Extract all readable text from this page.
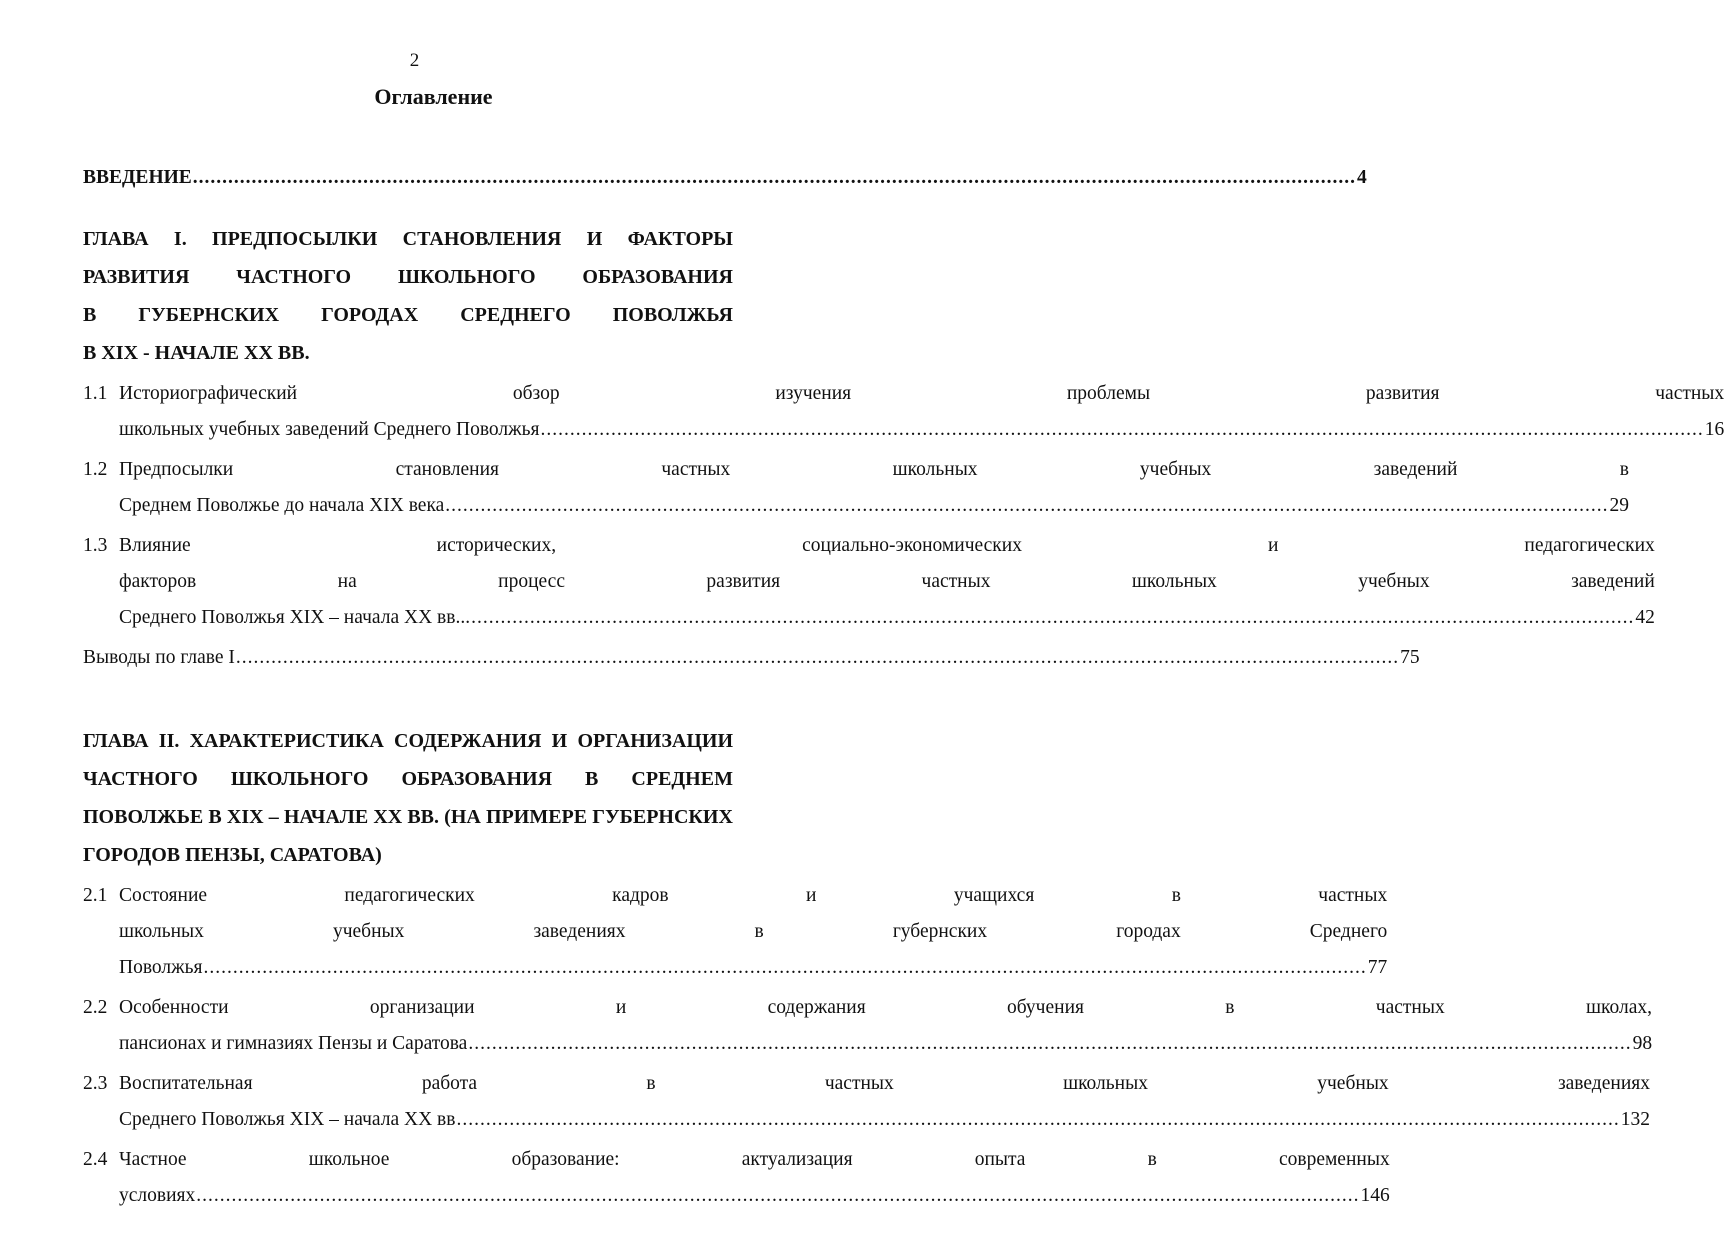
2
Оглавление
ВВЕДЕНИЕ .....	4
ГЛАВА I. ПРЕДПОСЫЛКИ СТАНОВЛЕНИЯ И ФАКТОРЫ
РАЗВИТИЯ ЧАСТНОГО ШКОЛЬНОГО ОБРАЗОВАНИЯ
В ГУБЕРНСКИХ ГОРОДАХ СРЕДНЕГО ПОВОЛЖЬЯ
В XIX - НАЧАЛЕ XX ВВ.
1.1 Историографический	обзор	изучения	проблемы	развития	частных
школьных учебных заведений Среднего Поволжья .....	16
1.2 Предпосылки	становления	частных	школьных	учебных	заведений	в
Среднем Поволжье до начала XIX века .....	29
1.3 Влияние	исторических,	социально-экономических	и	педагогических
факторов	на	процесс	развития	частных	школьных	учебных	заведений
Среднего Поволжья XIX – начала XX вв... .....	42
Выводы по главе I .....	75
ГЛАВА II. ХАРАКТЕРИСТИКА СОДЕРЖАНИЯ И ОРГАНИЗАЦИИ
ЧАСТНОГО ШКОЛЬНОГО ОБРАЗОВАНИЯ В СРЕДНЕМ
ПОВОЛЖЬЕ В XIX – НАЧАЛЕ XX ВВ. (НА ПРИМЕРЕ ГУБЕРНСКИХ
ГОРОДОВ ПЕНЗЫ, САРАТОВА)
2.1 Состояние	педагогических	кадров	и	учащихся	в	частных
школьных	учебных	заведениях	в	губернских	городах	Среднего
Поволжья .....	77
2.2 Особенности	организации	и	содержания	обучения	в	частных	школах,
пансионах и гимназиях Пензы и Саратова .....	98
2.3 Воспитательная	работа	в	частных	школьных	учебных	заведениях
Среднего Поволжья XIX – начала XX вв .....	132
2.4 Частное	школьное	образование:	актуализация	опыта	в	современных
условиях .....	146
